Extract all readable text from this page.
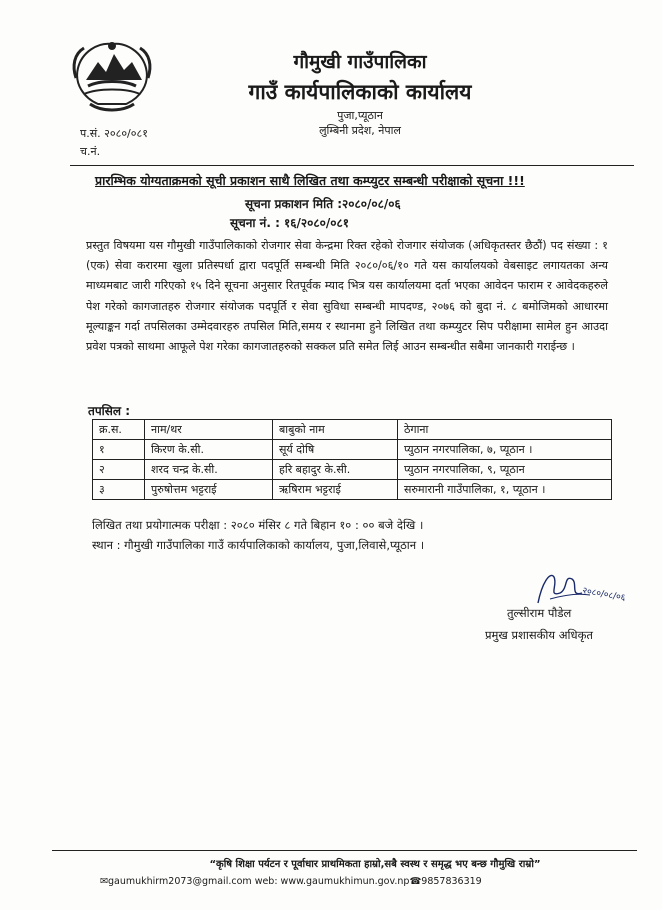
गौमुखी गाउँपालिका
गाउँ कार्यपालिकाको कार्यालय
पुजा,प्यूठान
लुम्बिनी प्रदेश, नेपाल
प.सं. २०८०/०८१
च.नं.
प्रारम्भिक योग्यताक्रमको सूची प्रकाशन साथै लिखित तथा कम्प्युटर सम्बन्धी परीक्षाको सूचना !!!
सूचना प्रकाशन मिति :२०८०/०८/०६
सूचना नं. : १६/२०८०/०८१
प्रस्तुत विषयमा यस गौमुखी गाउँपालिकाको रोजगार सेवा केन्द्रमा रिक्त रहेको रोजगार संयोजक (अधिकृतस्तर छैठौं) पद संख्या : १ (एक) सेवा करारमा खुला प्रतिस्पर्धा द्वारा पदपूर्ति सम्बन्धी मिति २०८०/०६/१० गते यस कार्यालयको वेबसाइट लगायतका अन्य माध्यमबाट जारी गरिएको १५ दिने सूचना अनुसार रितपूर्वक म्याद भित्र यस कार्यालयमा दर्ता भएका आवेदन फाराम र आवेदकहरुले पेश गरेको कागजातहरु रोजगार संयोजक पदपूर्ति र सेवा सुविधा सम्बन्धी मापदण्ड, २०७६ को बुदा नं. ८ बमोजिमको आधारमा मूल्याङ्कन गर्दा तपसिलका उम्मेदवारहरु तपसिल मिति,समय र स्थानमा हुने लिखित तथा कम्प्युटर सिप परीक्षामा सामेल हुन आउदा प्रवेश पत्रको साथमा आफूले पेश गरेका कागजातहरुको सक्कल प्रति समेत लिई आउन सम्बन्धीत सबैमा जानकारी गराईन्छ ।
तपसिल :
क्र.स.	नाम/थर	बाबुको नाम	ठेगाना
१	किरण के.सी.	सूर्य दोषि	प्युठान नगरपालिका, ७, प्यूठान ।
२	शरद चन्द्र के.सी.	हरि बहादुर के.सी.	प्युठान नगरपालिका, ९, प्यूठान
३	पुरुषोत्तम भट्टराई	ऋषिराम भट्टराई	सरुमारानी गाउँपालिका, १, प्यूठान ।
लिखित तथा प्रयोगात्मक परीक्षा : २०८० मंसिर ८ गते बिहान १० : ०० बजे देखि ।
स्थान : गौमुखी गाउँपालिका गाउँ कार्यपालिकाको कार्यालय, पुजा,लिवासे,प्यूठान ।
२०८०/०८/०६
तुल्सीराम पौडेल
प्रमुख प्रशासकीय अधिकृत
“कृषि शिक्षा पर्यटन र पूर्वाधार प्राथमिकता हाम्रो,सबै स्वस्थ र समृद्ध भए बन्छ गौमुखि राम्रो”
✉gaumukhirm2073@gmail.com web: www.gaumukhimun.gov.np☎9857836319
